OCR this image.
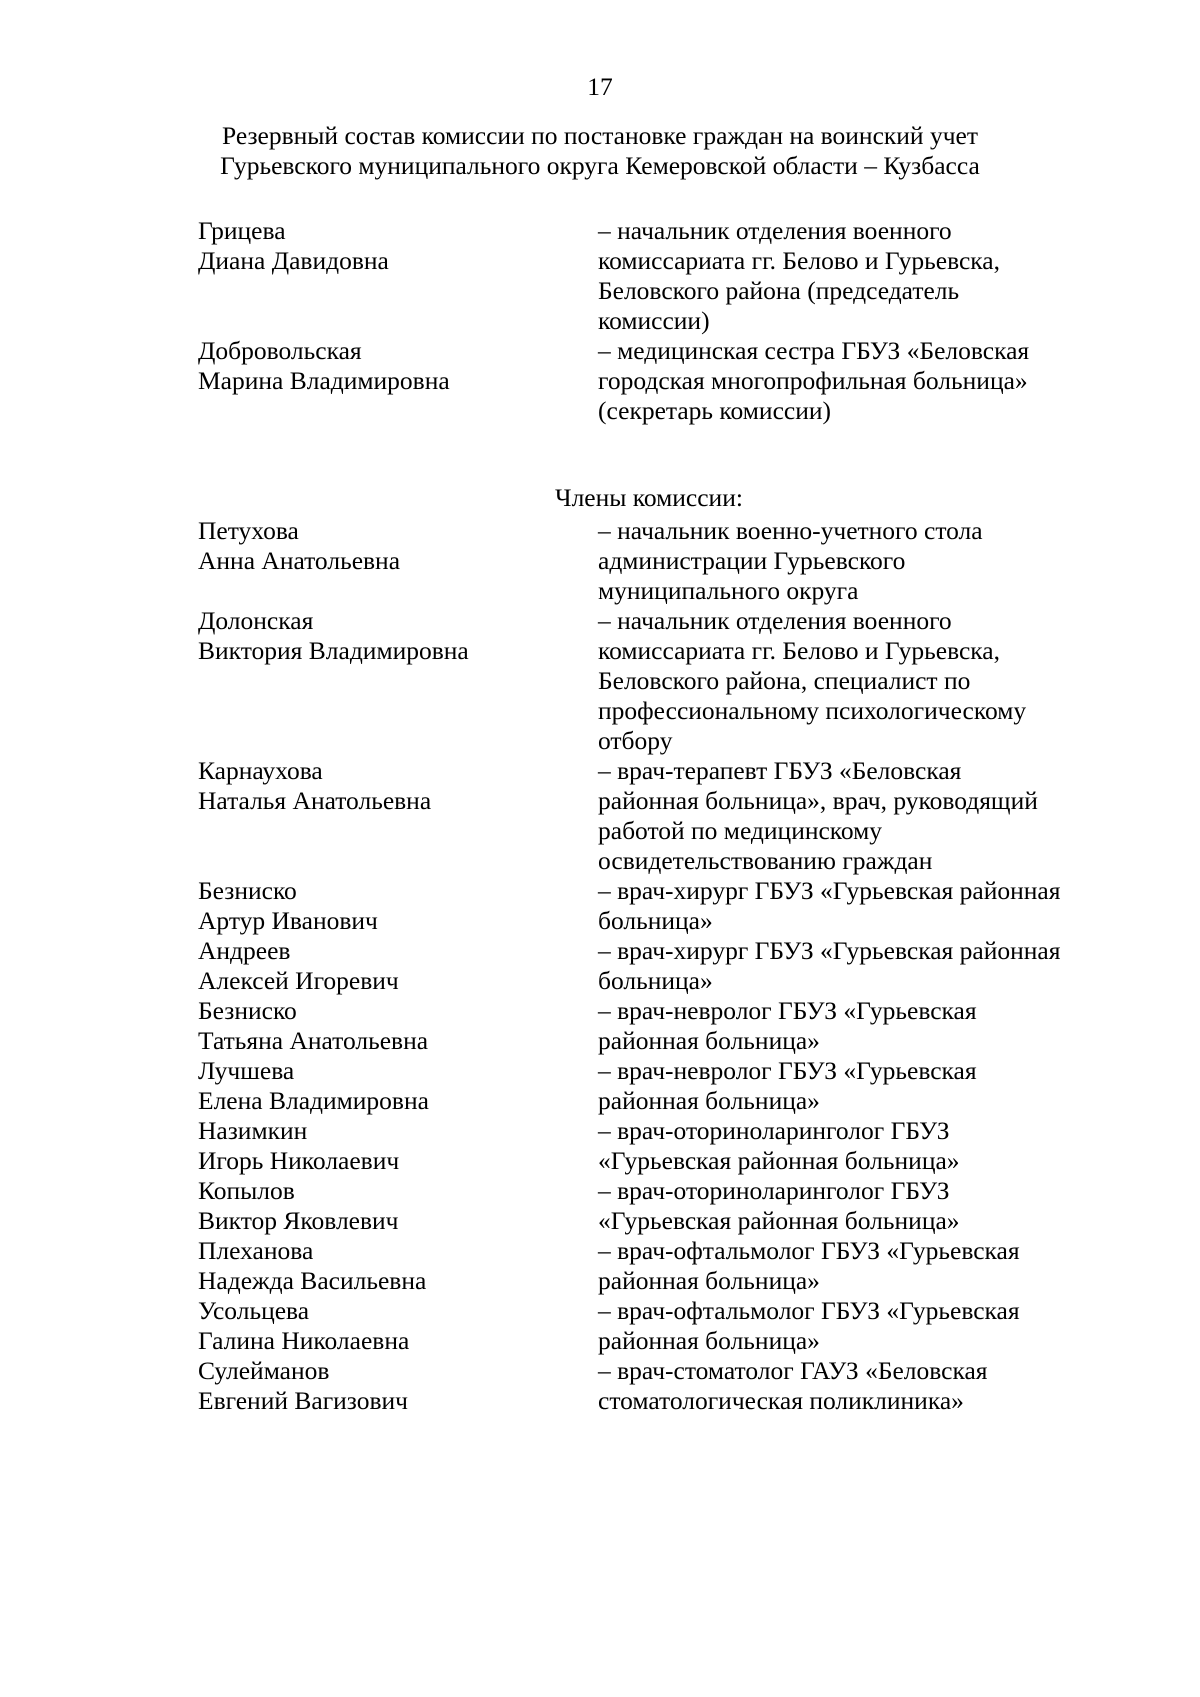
17
Резервный состав комиссии по постановке граждан на воинский учет
Гурьевского муниципального округа Кемеровской области – Кузбасса
Грицева
Диана Давидовна
– начальник отделения военного
комиссариата гг. Белово и Гурьевска,
Беловского района (председатель
комиссии)
Добровольская
Марина Владимировна
– медицинская сестра ГБУЗ «Беловская
городская многопрофильная больница»
(секретарь комиссии)
Члены комиссии:
Петухова
Анна Анатольевна
– начальник военно-учетного стола
администрации Гурьевского
муниципального округа
Долонская
Виктория Владимировна
– начальник отделения военного
комиссариата гг. Белово и Гурьевска,
Беловского района, специалист по
профессиональному психологическому
отбору
Карнаухова
Наталья Анатольевна
– врач-терапевт ГБУЗ «Беловская
районная больница», врач, руководящий
работой по медицинскому
освидетельствованию граждан
Безниско
Артур Иванович
– врач-хирург ГБУЗ «Гурьевская районная
больница»
Андреев
Алексей Игоревич
– врач-хирург ГБУЗ «Гурьевская районная
больница»
Безниско
Татьяна Анатольевна
– врач-невролог ГБУЗ «Гурьевская
районная больница»
Лучшева
Елена Владимировна
– врач-невролог ГБУЗ «Гурьевская
районная больница»
Назимкин
Игорь Николаевич
– врач-оториноларинголог ГБУЗ
«Гурьевская районная больница»
Копылов
Виктор Яковлевич
– врач-оториноларинголог ГБУЗ
«Гурьевская районная больница»
Плеханова
Надежда Васильевна
– врач-офтальмолог ГБУЗ «Гурьевская
районная больница»
Усольцева
Галина Николаевна
– врач-офтальмолог ГБУЗ «Гурьевская
районная больница»
Сулейманов
Евгений Вагизович
– врач-стоматолог ГАУЗ «Беловская
стоматологическая поликлиника»
